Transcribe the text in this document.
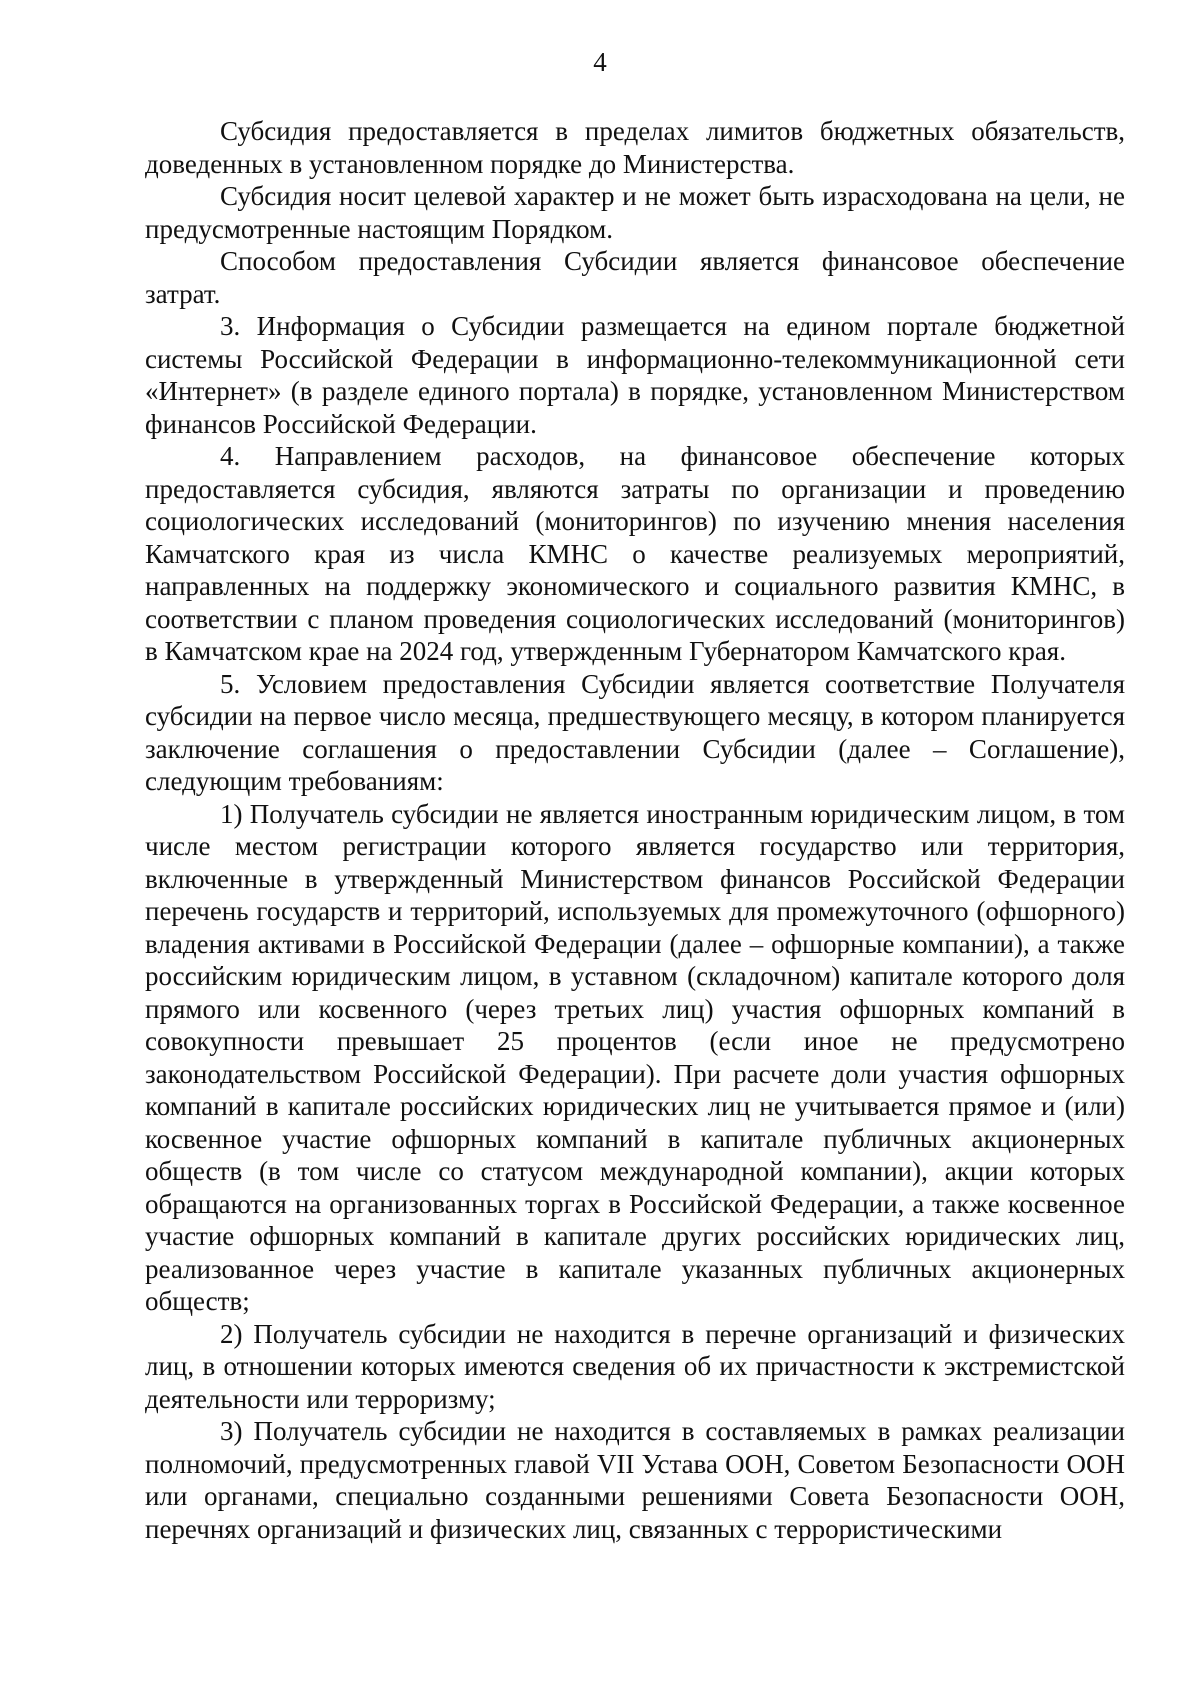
4

Субсидия предоставляется в пределах лимитов бюджетных обязательств, доведенных в установленном порядке до Министерства.

Субсидия носит целевой характер и не может быть израсходована на цели, не предусмотренные настоящим Порядком.

Способом предоставления Субсидии является финансовое обеспечение затрат.

3. Информация о Субсидии размещается на едином портале бюджетной системы Российской Федерации в информационно-телекоммуникационной сети «Интернет» (в разделе единого портала) в порядке, установленном Министерством финансов Российской Федерации.

4. Направлением расходов, на финансовое обеспечение которых предоставляется субсидия, являются затраты по организации и проведению социологических исследований (мониторингов) по изучению мнения населения Камчатского края из числа КМНС о качестве реализуемых мероприятий, направленных на поддержку экономического и социального развития КМНС, в соответствии с планом проведения социологических исследований (мониторингов) в Камчатском крае на 2024 год, утвержденным Губернатором Камчатского края.

5. Условием предоставления Субсидии является соответствие Получателя субсидии на первое число месяца, предшествующего месяцу, в котором планируется заключение соглашения о предоставлении Субсидии (далее – Соглашение), следующим требованиям:

1) Получатель субсидии не является иностранным юридическим лицом, в том числе местом регистрации которого является государство или территория, включенные в утвержденный Министерством финансов Российской Федерации перечень государств и территорий, используемых для промежуточного (офшорного) владения активами в Российской Федерации (далее – офшорные компании), а также российским юридическим лицом, в уставном (складочном) капитале которого доля прямого или косвенного (через третьих лиц) участия офшорных компаний в совокупности превышает 25 процентов (если иное не предусмотрено законодательством Российской Федерации). При расчете доли участия офшорных компаний в капитале российских юридических лиц не учитывается прямое и (или) косвенное участие офшорных компаний в капитале публичных акционерных обществ (в том числе со статусом международной компании), акции которых обращаются на организованных торгах в Российской Федерации, а также косвенное участие офшорных компаний в капитале других российских юридических лиц, реализованное через участие в капитале указанных публичных акционерных обществ;

2) Получатель субсидии не находится в перечне организаций и физических лиц, в отношении которых имеются сведения об их причастности к экстремистской деятельности или терроризму;

3) Получатель субсидии не находится в составляемых в рамках реализации полномочий, предусмотренных главой VII Устава ООН, Советом Безопасности ООН или органами, специально созданными решениями Совета Безопасности ООН, перечнях организаций и физических лиц, связанных с террористическими
